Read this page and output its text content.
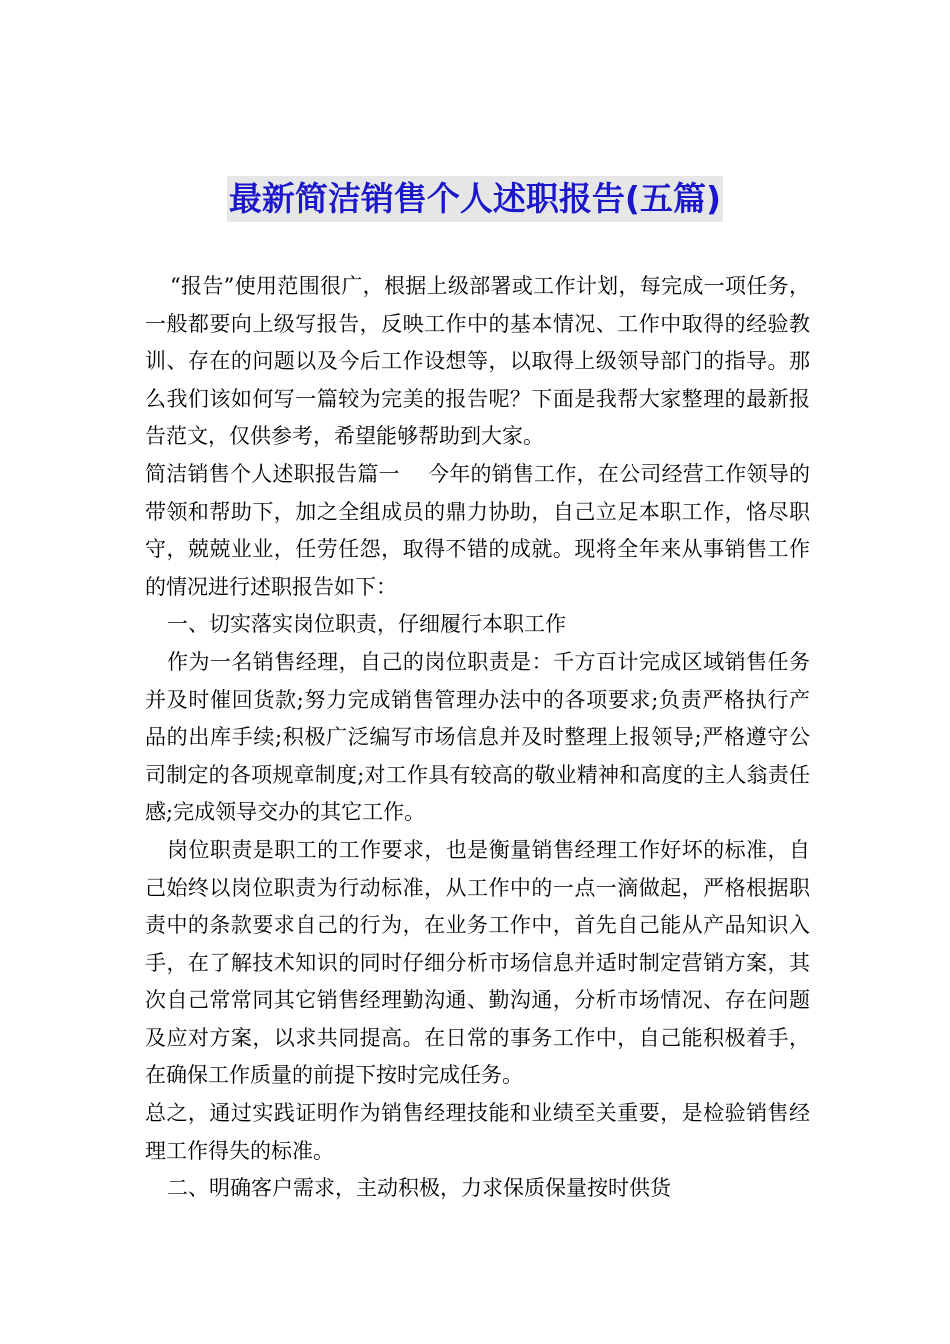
最新简洁销售个人述职报告(五篇)

“报告”使用范围很广，根据上级部署或工作计划，每完成一项任务，一般都要向上级写报告，反映工作中的基本情况、工作中取得的经验教训、存在的问题以及今后工作设想等，以取得上级领导部门的指导。那么我们该如何写一篇较为完美的报告呢？下面是我帮大家整理的最新报告范文，仅供参考，希望能够帮助到大家。

简洁销售个人述职报告篇一　 今年的销售工作，在公司经营工作领导的带领和帮助下，加之全组成员的鼎力协助，自己立足本职工作，恪尽职守，兢兢业业，任劳任怨，取得不错的成就。现将全年来从事销售工作的情况进行述职报告如下：

一、切实落实岗位职责，仔细履行本职工作

作为一名销售经理，自己的岗位职责是：千方百计完成区域销售任务并及时催回货款;努力完成销售管理办法中的各项要求;负责严格执行产品的出库手续;积极广泛编写市场信息并及时整理上报领导;严格遵守公司制定的各项规章制度;对工作具有较高的敬业精神和高度的主人翁责任感;完成领导交办的其它工作。

岗位职责是职工的工作要求，也是衡量销售经理工作好坏的标准，自己始终以岗位职责为行动标准，从工作中的一点一滴做起，严格根据职责中的条款要求自己的行为，在业务工作中，首先自己能从产品知识入手，在了解技术知识的同时仔细分析市场信息并适时制定营销方案，其次自己常常同其它销售经理勤沟通、勤沟通，分析市场情况、存在问题及应对方案，以求共同提高。在日常的事务工作中，自己能积极着手，在确保工作质量的前提下按时完成任务。

总之，通过实践证明作为销售经理技能和业绩至关重要，是检验销售经理工作得失的标准。

二、明确客户需求，主动积极，力求保质保量按时供货
